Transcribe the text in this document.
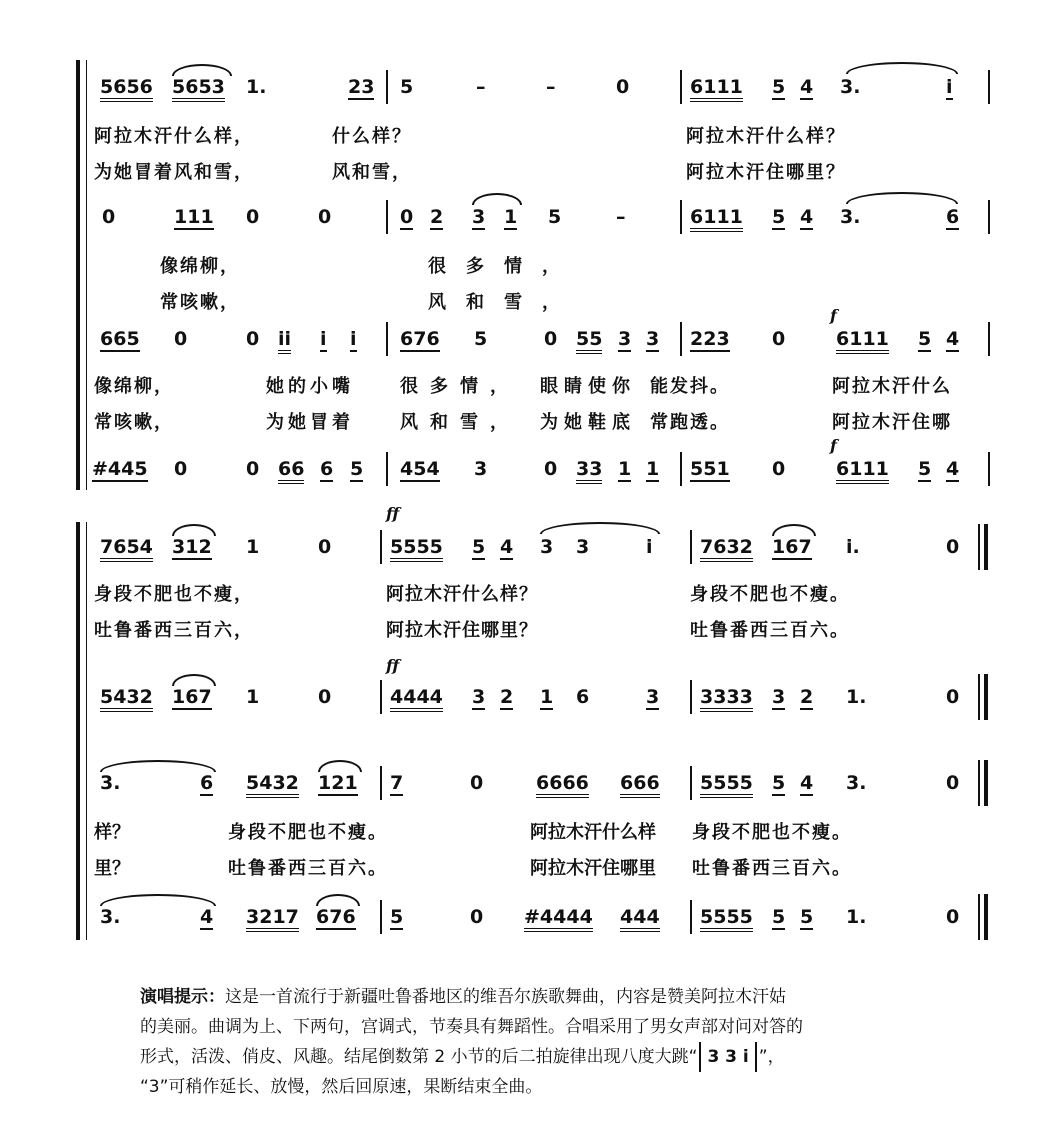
5656 5653 1.	23 5	–	–	0	6111 5 4 3.	i
阿拉木汗什么样，	什么样？	阿拉木汗什么样？
为她冒着风和雪，	风和雪，	阿拉木汗住哪里？
0	111 0	0	0 2 3 1 5	–	6111 5 4 3.	6
像绵柳，	很多情，
常咳嗽，	风和雪，
f
665 0	0 ii i i 676 5	0 55 3 3 223 0	6111 5 4
像绵柳，	她的小嘴	很多情， 眼睛使你 能发抖。	阿拉木汗什么
常咳嗽，	为她冒着	风和雪， 为她鞋底 常跑透。	阿拉木汗住哪
f
#445 0	0 66 6 5 454 3	0 33 1 1 551 0	6111 5 4
ff
7654 312 1	0	5555 5 4 3 3	i 7632 167 i.	0
身段不肥也不瘦，	阿拉木汗什么样？	身段不肥也不瘦。
吐鲁番西三百六，	阿拉木汗住哪里？	吐鲁番西三百六。
ff
5432 167 1	0	4444 3 2 1 6	3 3333 3 2 1.	0
3.	6 5432 121 7	0	6666 666 5555 5 4 3.	0
样？	身段不肥也不瘦。	阿拉木汗什么样 身段不肥也不瘦。
里？	吐鲁番西三百六。	阿拉木汗住哪里 吐鲁番西三百六。
3.	4 3217 676 5	0 #4444 444 5555 5 5 1.	0

演唱提示：这是一首流行于新疆吐鲁番地区的维吾尔族歌舞曲，内容是赞美阿拉木汗姑

的美丽。曲调为上、下两句，宫调式，节奏具有舞蹈性。合唱采用了男女声部对问对答的

形式，活泼、俏皮、风趣。结尾倒数第 2 小节的后二拍旋律出现八度大跳“ 3 3 i ”，

“3”可稍作延长、放慢，然后回原速，果断结束全曲。
